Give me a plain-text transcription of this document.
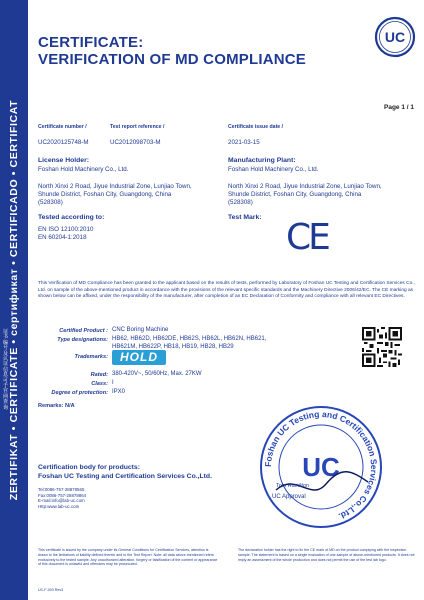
ZERTIFIKAT • CERTIFICATE • сертификат • CERTIFICADO • CERTIFICAT
CERTIFICATE:
VERIFICATION OF MD COMPLIANCE
UC
Page 1 / 1
Certificate number /	Test report reference /	Certificate issue date /
UC2020125748-M	UC2012098703-M	2021-03-15
License Holder:
Foshan Hold Machinery Co., Ltd.
North Xinxi 2 Road, Jiyue Industrial Zone, Lunjiao Town,
Shunde District, Foshan City, Guangdong, China
(528308)
Manufacturing Plant:
Foshan Hold Machinery Co., Ltd.
North Xinxi 2 Road, Jiyue Industrial Zone, Lunjiao Town,
Shunde District, Foshan City, Guangdong, China
(528308)
Tested according to:
EN ISO 12100:2010
EN 60204-1:2018
Test Mark: CE
This Verification of MD Compliance has been granted to the applicant based on the results of tests, performed by Laboratory of Foshan UC Testing and Certification Services Co., Ltd. on sample of the above-mentioned product in accordance with the provisions of the relevant specific standards and the Machinery Directive 2006/42/EC. The CE marking as shown below can be affixed, under the responsibility of the manufacturer, after completion of an EC Declaration of Conformity and compliance with all relevant EC Directives.
Certified Product : CNC Boring Machine
Type designations: HB62, HB62D, HB62DE, HB62S, HB62L, HB62N, HB621,
HB621M, HB622P, HB18, HB19, HB28, HB29
Trademarks:	HOLD
Rated: 380-420V~, 50/60Hz, Max. 27KW
Class: I
Degree of protection: IPX0
Remarks: N/A
Foshan UC Testing and Certification Services Co.,Ltd.
UC
Tom Hamilton
UC Approval
Certification body for products:
Foshan UC Testing and Certification Services Co.,Ltd.
Tel:0086-757-28878565
Fax:0086-757-28878864
E-mail:info@lab-uc.com
Http:www.lab-uc.com
This certificate is issued by the company under its General Conditions for Certification Services, attention is drawn to the limitations of liability defined therein and to the Test Report. Note: all data above-mentioned refers exclusively to the tested sample. Any unauthorized alteration, forgery or falsification of the content or appearance of this document is unlawful and offenders may be prosecuted.
The declaration holder has the right to fix the CE mark of MD on the product complying with the inspection sample. The statement is based on a single evaluation of one sample of above-mentioned products. It does not imply an assessment of the whole production and does not permit the use of the test lab logo.
UC-F-003 Rev3
证书编号及认证信息可于官网查询
